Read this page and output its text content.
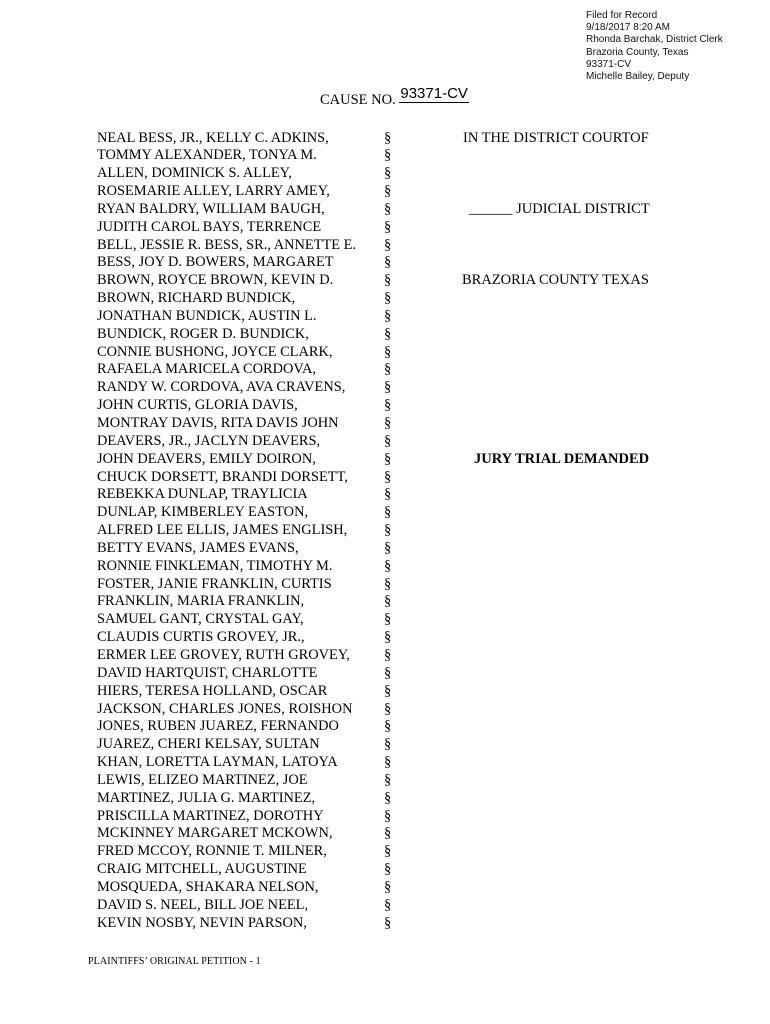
Filed for Record
9/18/2017 8:20 AM
Rhonda Barchak, District Clerk
Brazoria County, Texas
93371-CV
Michelle Bailey, Deputy
CAUSE NO. 93371-CV
NEAL BESS, JR., KELLY C. ADKINS,
TOMMY ALEXANDER, TONYA M.
ALLEN, DOMINICK S. ALLEY,
ROSEMARIE ALLEY, LARRY AMEY,
RYAN BALDRY, WILLIAM BAUGH,
JUDITH CAROL BAYS, TERRENCE
BELL, JESSIE R. BESS, SR., ANNETTE E.
BESS, JOY D. BOWERS, MARGARET
BROWN, ROYCE BROWN, KEVIN D.
BROWN, RICHARD BUNDICK,
JONATHAN BUNDICK, AUSTIN L.
BUNDICK, ROGER D. BUNDICK,
CONNIE BUSHONG, JOYCE CLARK,
RAFAELA MARICELA CORDOVA,
RANDY W. CORDOVA, AVA CRAVENS,
JOHN CURTIS, GLORIA DAVIS,
MONTRAY DAVIS, RITA DAVIS JOHN
DEAVERS, JR., JACLYN DEAVERS,
JOHN DEAVERS, EMILY DOIRON,
CHUCK DORSETT, BRANDI DORSETT,
REBEKKA DUNLAP, TRAYLICIA
DUNLAP, KIMBERLEY EASTON,
ALFRED LEE ELLIS, JAMES ENGLISH,
BETTY EVANS, JAMES EVANS,
RONNIE FINKLEMAN, TIMOTHY M.
FOSTER, JANIE FRANKLIN, CURTIS
FRANKLIN, MARIA FRANKLIN,
SAMUEL GANT, CRYSTAL GAY,
CLAUDIS CURTIS GROVEY, JR.,
ERMER LEE GROVEY, RUTH GROVEY,
DAVID HARTQUIST, CHARLOTTE
HIERS, TERESA HOLLAND, OSCAR
JACKSON, CHARLES JONES, ROISHON
JONES, RUBEN JUAREZ, FERNANDO
JUAREZ, CHERI KELSAY, SULTAN
KHAN, LORETTA LAYMAN, LATOYA
LEWIS, ELIZEO MARTINEZ, JOE
MARTINEZ, JULIA G. MARTINEZ,
PRISCILLA MARTINEZ, DOROTHY
MCKINNEY MARGARET MCKOWN,
FRED MCCOY, RONNIE T. MILNER,
CRAIG MITCHELL, AUGUSTINE
MOSQUEDA, SHAKARA NELSON,
DAVID S. NEEL, BILL JOE NEEL,
KEVIN NOSBY, NEVIN PARSON,
§
§
§
§
§
§
§
§
§
§
§
§
§
§
§
§
§
§
§
§
§
§
§
§
§
§
§
§
§
§
§
§
§
§
§
§
§
§
§
§
§
§
§
§
§
IN THE DISTRICT COURTOF
______ JUDICIAL DISTRICT
BRAZORIA COUNTY TEXAS
JURY TRIAL DEMANDED
PLAINTIFFS’ ORIGINAL PETITION - 1
